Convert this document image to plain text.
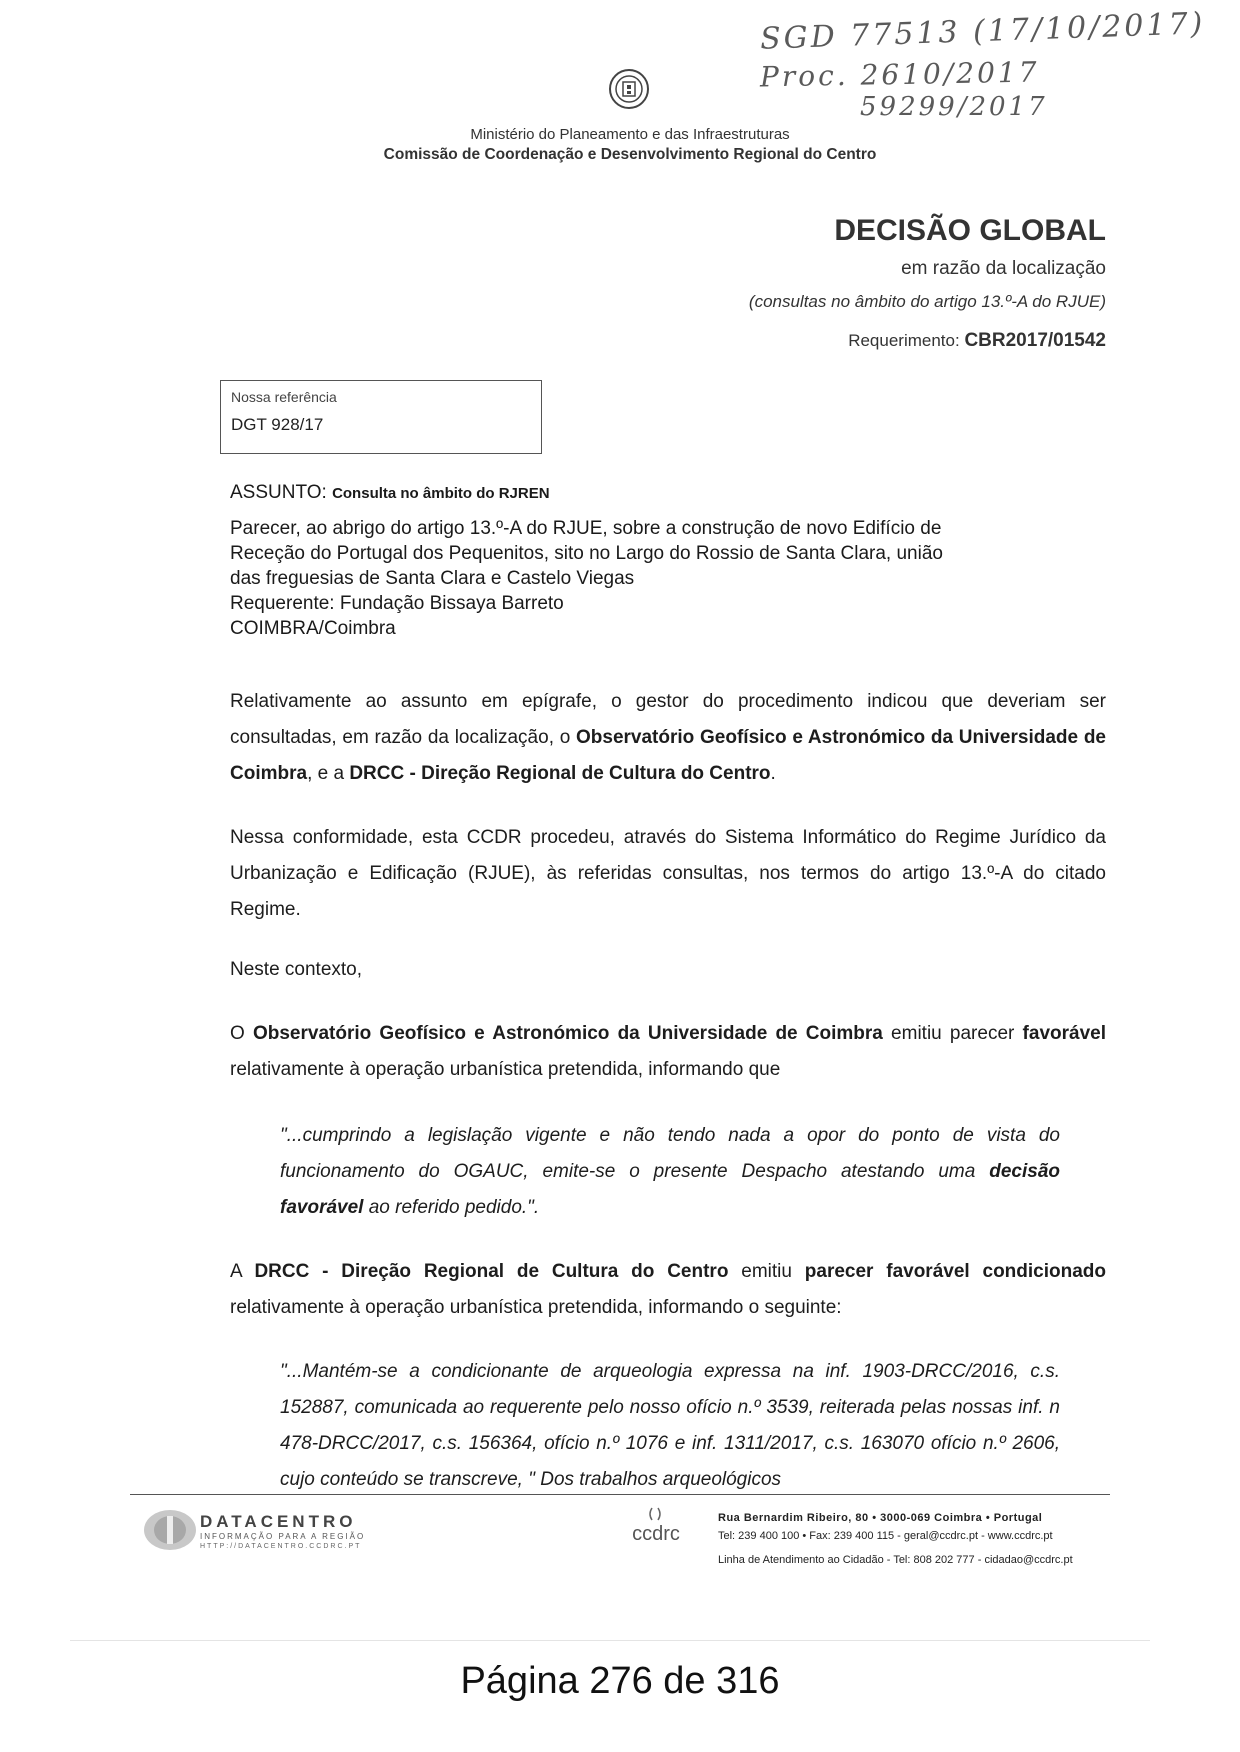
SGD 77513 (17/10/2017)
Proc. 2610/2017
59299/2017
Ministério do Planeamento e das Infraestruturas
Comissão de Coordenação e Desenvolvimento Regional do Centro
DECISÃO GLOBAL
em razão da localização
(consultas no âmbito do artigo 13.º-A do RJUE)
Requerimento: CBR2017/01542
Nossa referência
DGT 928/17
ASSUNTO: Consulta no âmbito do RJREN
Parecer, ao abrigo do artigo 13.º-A do RJUE, sobre a construção de novo Edifício de
Receção do Portugal dos Pequenitos, sito no Largo do Rossio de Santa Clara, união
das freguesias de Santa Clara e Castelo Viegas
Requerente: Fundação Bissaya Barreto
COIMBRA/Coimbra
Relativamente ao assunto em epígrafe, o gestor do procedimento indicou que deveriam ser consultadas, em razão da localização, o Observatório Geofísico e Astronómico da Universidade de Coimbra, e a DRCC - Direção Regional de Cultura do Centro.
Nessa conformidade, esta CCDR procedeu, através do Sistema Informático do Regime Jurídico da Urbanização e Edificação (RJUE), às referidas consultas, nos termos do artigo 13.º-A do citado Regime.
Neste contexto,
O Observatório Geofísico e Astronómico da Universidade de Coimbra emitiu parecer favorável relativamente à operação urbanística pretendida, informando que
"...cumprindo a legislação vigente e não tendo nada a opor do ponto de vista do funcionamento do OGAUC, emite-se o presente Despacho atestando uma decisão favorável ao referido pedido.".
A DRCC - Direção Regional de Cultura do Centro emitiu parecer favorável condicionado relativamente à operação urbanística pretendida, informando o seguinte:
"...Mantém-se a condicionante de arqueologia expressa na inf. 1903-DRCC/2016, c.s. 152887, comunicada ao requerente pelo nosso ofício n.º 3539, reiterada pelas nossas inf. n 478-DRCC/2017, c.s. 156364, ofício n.º 1076 e inf. 1311/2017, c.s. 163070 ofício n.º 2606, cujo conteúdo se transcreve, " Dos trabalhos arqueológicos
DATACENTRO
INFORMAÇÃO PARA A REGIÃO
HTTP://DATACENTRO.CCDRC.PT
ccdrc
Rua Bernardim Ribeiro, 80 • 3000-069 Coimbra • Portugal
Tel: 239 400 100 • Fax: 239 400 115 - geral@ccdrc.pt - www.ccdrc.pt
Linha de Atendimento ao Cidadão - Tel: 808 202 777 - cidadao@ccdrc.pt
Página 276 de 316
